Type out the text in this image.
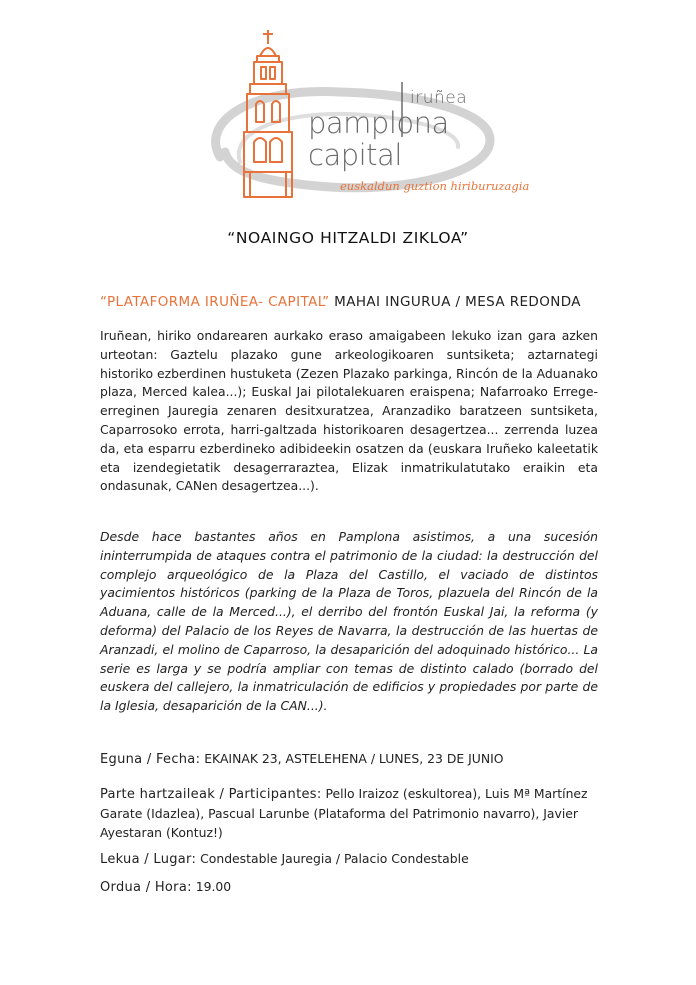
iruñea
pamplona
capital
euskaldun guztion hiriburuzagia
“NOAINGO HITZALDI ZIKLOA”
“PLATAFORMA IRUÑEA- CAPITAL” MAHAI INGURUA / MESA REDONDA

Iruñean, hiriko ondarearen aurkako eraso amaigabeen lekuko izan gara azken urteotan: Gaztelu plazako gune arkeologikoaren suntsiketa; aztarnategi historiko ezberdinen hustuketa (Zezen Plazako parkinga, Rincón de la Aduanako plaza, Merced kalea...); Euskal Jai pilotalekuaren eraispena; Nafarroako Errege-erreginen Jauregia zenaren desitxuratzea, Aranzadiko baratzeen suntsiketa, Caparrosoko errota, harri-galtzada historikoaren desagertzea... zerrenda luzea da, eta esparru ezberdineko adibideekin osatzen da (euskara Iruñeko kaleetatik eta izendegietatik desagerraraztea, Elizak inmatrikulatutako eraikin eta ondasunak, CANen desagertzea...).

Desde hace bastantes años en Pamplona asistimos, a una sucesión ininterrumpida de ataques contra el patrimonio de la ciudad: la destrucción del complejo arqueológico de la Plaza del Castillo, el vaciado de distintos yacimientos históricos (parking de la Plaza de Toros, plazuela del Rincón de la Aduana, calle de la Merced...), el derribo del frontón Euskal Jai, la reforma (y deforma) del Palacio de los Reyes de Navarra, la destrucción de las huertas de Aranzadi, el molino de Caparroso, la desaparición del adoquinado histórico... La serie es larga y se podría ampliar con temas de distinto calado (borrado del euskera del callejero, la inmatriculación de edificios y propiedades por parte de la Iglesia, desaparición de la CAN...).

Eguna / Fecha: EKAINAK 23, ASTELEHENA / LUNES, 23 DE JUNIO

Parte hartzaileak / Participantes: Pello Iraizoz (eskultorea), Luis Mª Martínez Garate (Idazlea), Pascual Larunbe (Plataforma del Patrimonio navarro), Javier Ayestaran (Kontuz!)

Lekua / Lugar: Condestable Jauregia / Palacio Condestable

Ordua / Hora: 19.00
